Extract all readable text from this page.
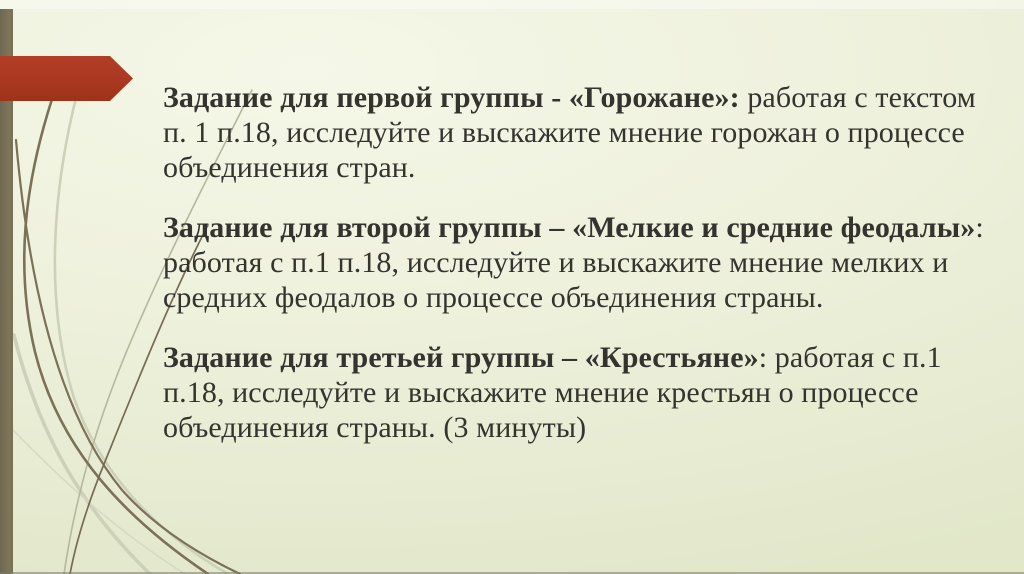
Задание для первой группы - «Горожане»: работая с текстом
п. 1 п.18, исследуйте и выскажите мнение горожан о процессе
объединения стран.
Задание для второй группы – «Мелкие и средние феодалы»:
работая с п.1 п.18, исследуйте и выскажите мнение мелких и
средних феодалов о процессе объединения страны.
Задание для третьей группы – «Крестьяне»: работая с п.1
п.18, исследуйте и выскажите мнение крестьян о процессе
объединения страны. (3 минуты)
